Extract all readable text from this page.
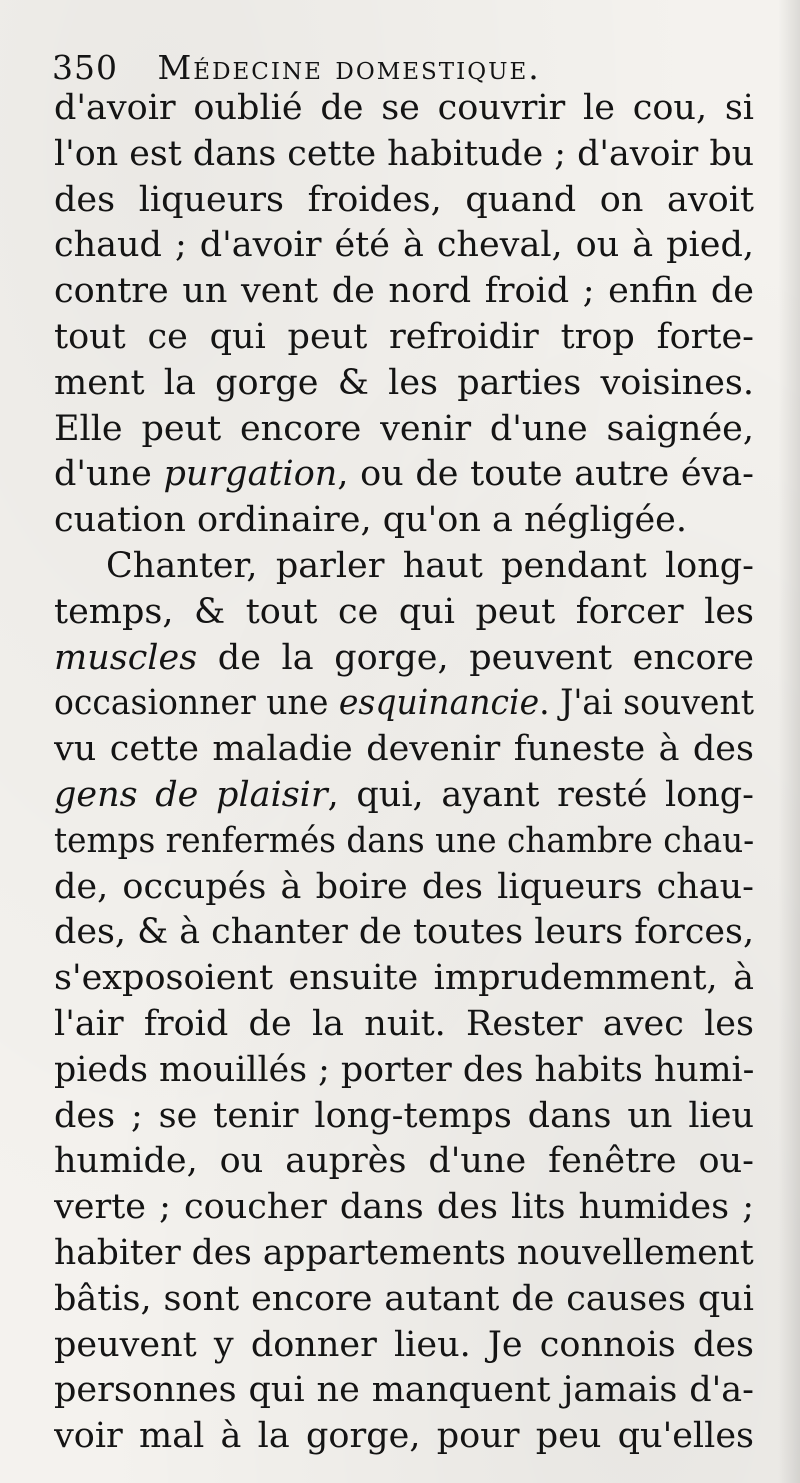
350 Médecine domestique.
d'avoir oublié de se couvrir le cou, si
l'on est dans cette habitude ; d'avoir bu
des liqueurs froides, quand on avoit
chaud ; d'avoir été à cheval, ou à pied,
contre un vent de nord froid ; enfin de
tout ce qui peut refroidir trop forte-
ment la gorge & les parties voisines.
Elle peut encore venir d'une saignée,
d'une purgation, ou de toute autre éva-
cuation ordinaire, qu'on a négligée.
Chanter, parler haut pendant long-
temps, & tout ce qui peut forcer les
muscles de la gorge, peuvent encore
occasionner une esquinancie. J'ai souvent
vu cette maladie devenir funeste à des
gens de plaisir, qui, ayant resté long-
temps renfermés dans une chambre chau-
de, occupés à boire des liqueurs chau-
des, & à chanter de toutes leurs forces,
s'exposoient ensuite imprudemment, à
l'air froid de la nuit. Rester avec les
pieds mouillés ; porter des habits humi-
des ; se tenir long-temps dans un lieu
humide, ou auprès d'une fenêtre ou-
verte ; coucher dans des lits humides ;
habiter des appartements nouvellement
bâtis, sont encore autant de causes qui
peuvent y donner lieu. Je connois des
personnes qui ne manquent jamais d'a-
voir mal à la gorge, pour peu qu'elles
